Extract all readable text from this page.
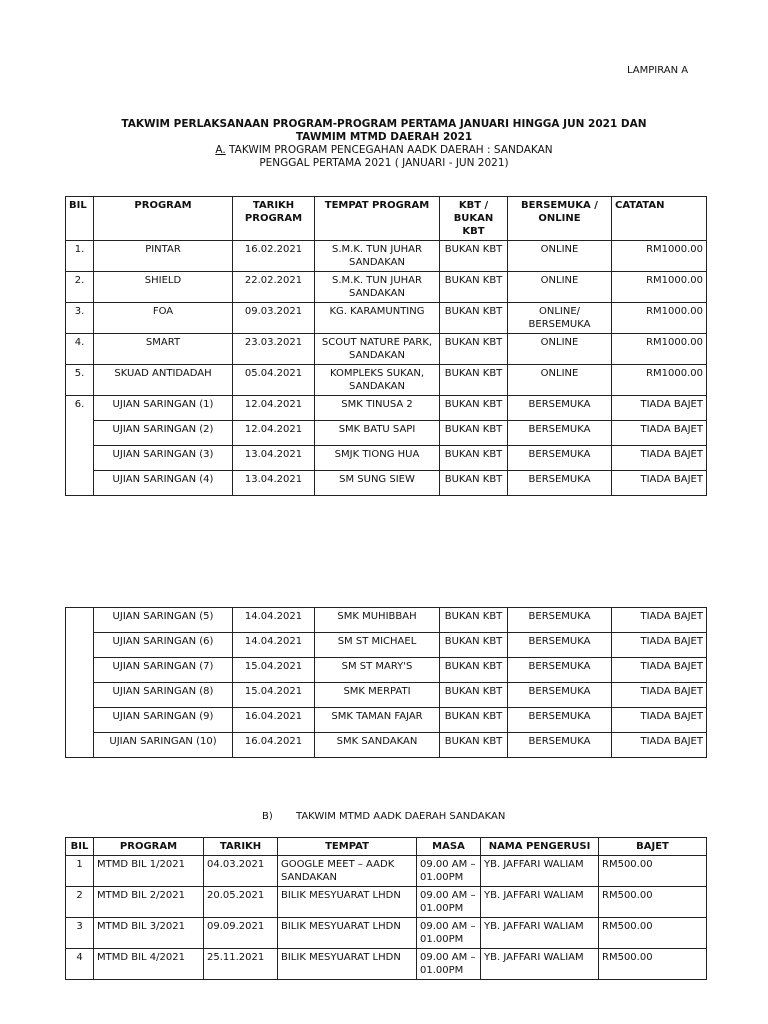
LAMPIRAN A
TAKWIM PERLAKSANAAN PROGRAM-PROGRAM PERTAMA JANUARI HINGGA JUN 2021 DAN
TAWMIM MTMD DAERAH 2021
A. TAKWIM PROGRAM PENCEGAHAN AADK DAERAH : SANDAKAN
PENGGAL PERTAMA 2021 ( JANUARI - JUN 2021)
BIL	PROGRAM	TARIKH PROGRAM	TEMPAT PROGRAM	KBT / BUKAN KBT	BERSEMUKA / ONLINE	CATATAN
1.	PINTAR	16.02.2021	S.M.K. TUN JUHAR SANDAKAN	BUKAN KBT	ONLINE	RM1000.00
2.	SHIELD	22.02.2021	S.M.K. TUN JUHAR SANDAKAN	BUKAN KBT	ONLINE	RM1000.00
3.	FOA	09.03.2021	KG. KARAMUNTING	BUKAN KBT	ONLINE/ BERSEMUKA	RM1000.00
4.	SMART	23.03.2021	SCOUT NATURE PARK, SANDAKAN	BUKAN KBT	ONLINE	RM1000.00
5.	SKUAD ANTIDADAH	05.04.2021	KOMPLEKS SUKAN, SANDAKAN	BUKAN KBT	ONLINE	RM1000.00
6.	UJIAN SARINGAN (1)	12.04.2021	SMK TINUSA 2	BUKAN KBT	BERSEMUKA	TIADA BAJET
	UJIAN SARINGAN (2)	12.04.2021	SMK BATU SAPI	BUKAN KBT	BERSEMUKA	TIADA BAJET
	UJIAN SARINGAN (3)	13.04.2021	SMJK TIONG HUA	BUKAN KBT	BERSEMUKA	TIADA BAJET
	UJIAN SARINGAN (4)	13.04.2021	SM SUNG SIEW	BUKAN KBT	BERSEMUKA	TIADA BAJET
	UJIAN SARINGAN (5)	14.04.2021	SMK MUHIBBAH	BUKAN KBT	BERSEMUKA	TIADA BAJET
	UJIAN SARINGAN (6)	14.04.2021	SM ST MICHAEL	BUKAN KBT	BERSEMUKA	TIADA BAJET
	UJIAN SARINGAN (7)	15.04.2021	SM ST MARY'S	BUKAN KBT	BERSEMUKA	TIADA BAJET
	UJIAN SARINGAN (8)	15.04.2021	SMK MERPATI	BUKAN KBT	BERSEMUKA	TIADA BAJET
	UJIAN SARINGAN (9)	16.04.2021	SMK TAMAN FAJAR	BUKAN KBT	BERSEMUKA	TIADA BAJET
	UJIAN SARINGAN (10)	16.04.2021	SMK SANDAKAN	BUKAN KBT	BERSEMUKA	TIADA BAJET
B) TAKWIM MTMD AADK DAERAH SANDAKAN
BIL	PROGRAM	TARIKH	TEMPAT	MASA	NAMA PENGERUSI	BAJET
1	MTMD BIL 1/2021	04.03.2021	GOOGLE MEET – AADK SANDAKAN	09.00 AM – 01.00PM	YB. JAFFARI WALIAM	RM500.00
2	MTMD BIL 2/2021	20.05.2021	BILIK MESYUARAT LHDN	09.00 AM – 01.00PM	YB. JAFFARI WALIAM	RM500.00
3	MTMD BIL 3/2021	09.09.2021	BILIK MESYUARAT LHDN	09.00 AM – 01.00PM	YB. JAFFARI WALIAM	RM500.00
4	MTMD BIL 4/2021	25.11.2021	BILIK MESYUARAT LHDN	09.00 AM – 01.00PM	YB. JAFFARI WALIAM	RM500.00
